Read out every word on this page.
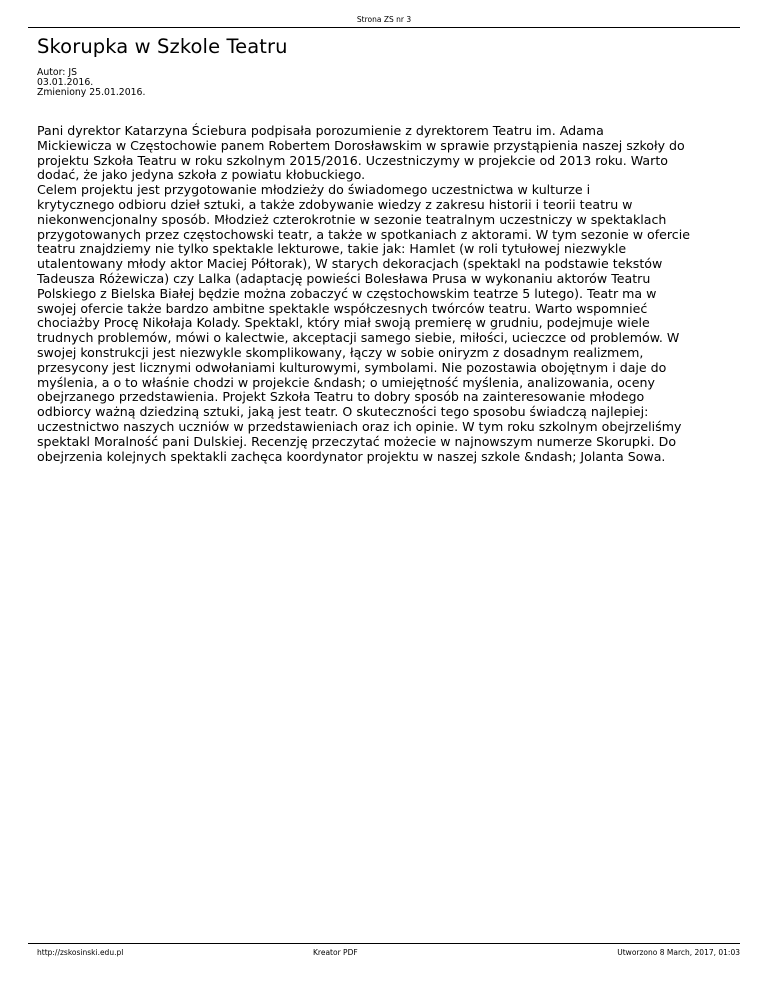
Strona ZS nr 3
Skorupka w Szkole Teatru
Autor: JS
03.01.2016.
Zmieniony 25.01.2016.

Pani dyrektor Katarzyna Ściebura podpisała porozumienie z dyrektorem Teatru im. Adama
Mickiewicza w Częstochowie panem Robertem Dorosławskim w sprawie przystąpienia naszej szkoły do
projektu Szkoła Teatru w roku szkolnym 2015/2016. Uczestniczymy w projekcie od 2013 roku. Warto
dodać, że jako jedyna szkoła z powiatu kłobuckiego.

Celem projektu jest przygotowanie młodzieży do świadomego uczestnictwa w kulturze i
krytycznego odbioru dzieł sztuki, a także zdobywanie wiedzy z zakresu historii i teorii teatru w
niekonwencjonalny sposób. Młodzież czterokrotnie w sezonie teatralnym uczestniczy w spektaklach
przygotowanych przez częstochowski teatr, a także w spotkaniach z aktorami. W tym sezonie w ofercie
teatru znajdziemy nie tylko spektakle lekturowe, takie jak: Hamlet (w roli tytułowej niezwykle
utalentowany młody aktor Maciej Półtorak), W starych dekoracjach (spektakl na podstawie tekstów
Tadeusza Różewicza) czy Lalka (adaptację powieści Bolesława Prusa w wykonaniu aktorów Teatru
Polskiego z Bielska Białej będzie można zobaczyć w częstochowskim teatrze 5 lutego). Teatr ma w
swojej ofercie także bardzo ambitne spektakle współczesnych twórców teatru. Warto wspomnieć
chociażby Procę Nikołaja Kolady. Spektakl, który miał swoją premierę w grudniu, podejmuje wiele
trudnych problemów, mówi o kalectwie, akceptacji samego siebie, miłości, ucieczce od problemów. W
swojej konstrukcji jest niezwykle skomplikowany, łączy w sobie oniryzm z dosadnym realizmem,
przesycony jest licznymi odwołaniami kulturowymi, symbolami. Nie pozostawia obojętnym i daje do
myślenia, a o to właśnie chodzi w projekcie &ndash; o umiejętność myślenia, analizowania, oceny
obejrzanego przedstawienia. Projekt Szkoła Teatru to dobry sposób na zainteresowanie młodego
odbiorcy ważną dziedziną sztuki, jaką jest teatr. O skuteczności tego sposobu świadczą najlepiej:
uczestnictwo naszych uczniów w przedstawieniach oraz ich opinie. W tym roku szkolnym obejrzeliśmy
spektakl Moralność pani Dulskiej. Recenzję przeczytać możecie w najnowszym numerze Skorupki. Do
obejrzenia kolejnych spektakli zachęca koordynator projektu w naszej szkole &ndash; Jolanta Sowa.

http://zskosinski.edu.pl	Kreator PDF	Utworzono 8 March, 2017, 01:03
